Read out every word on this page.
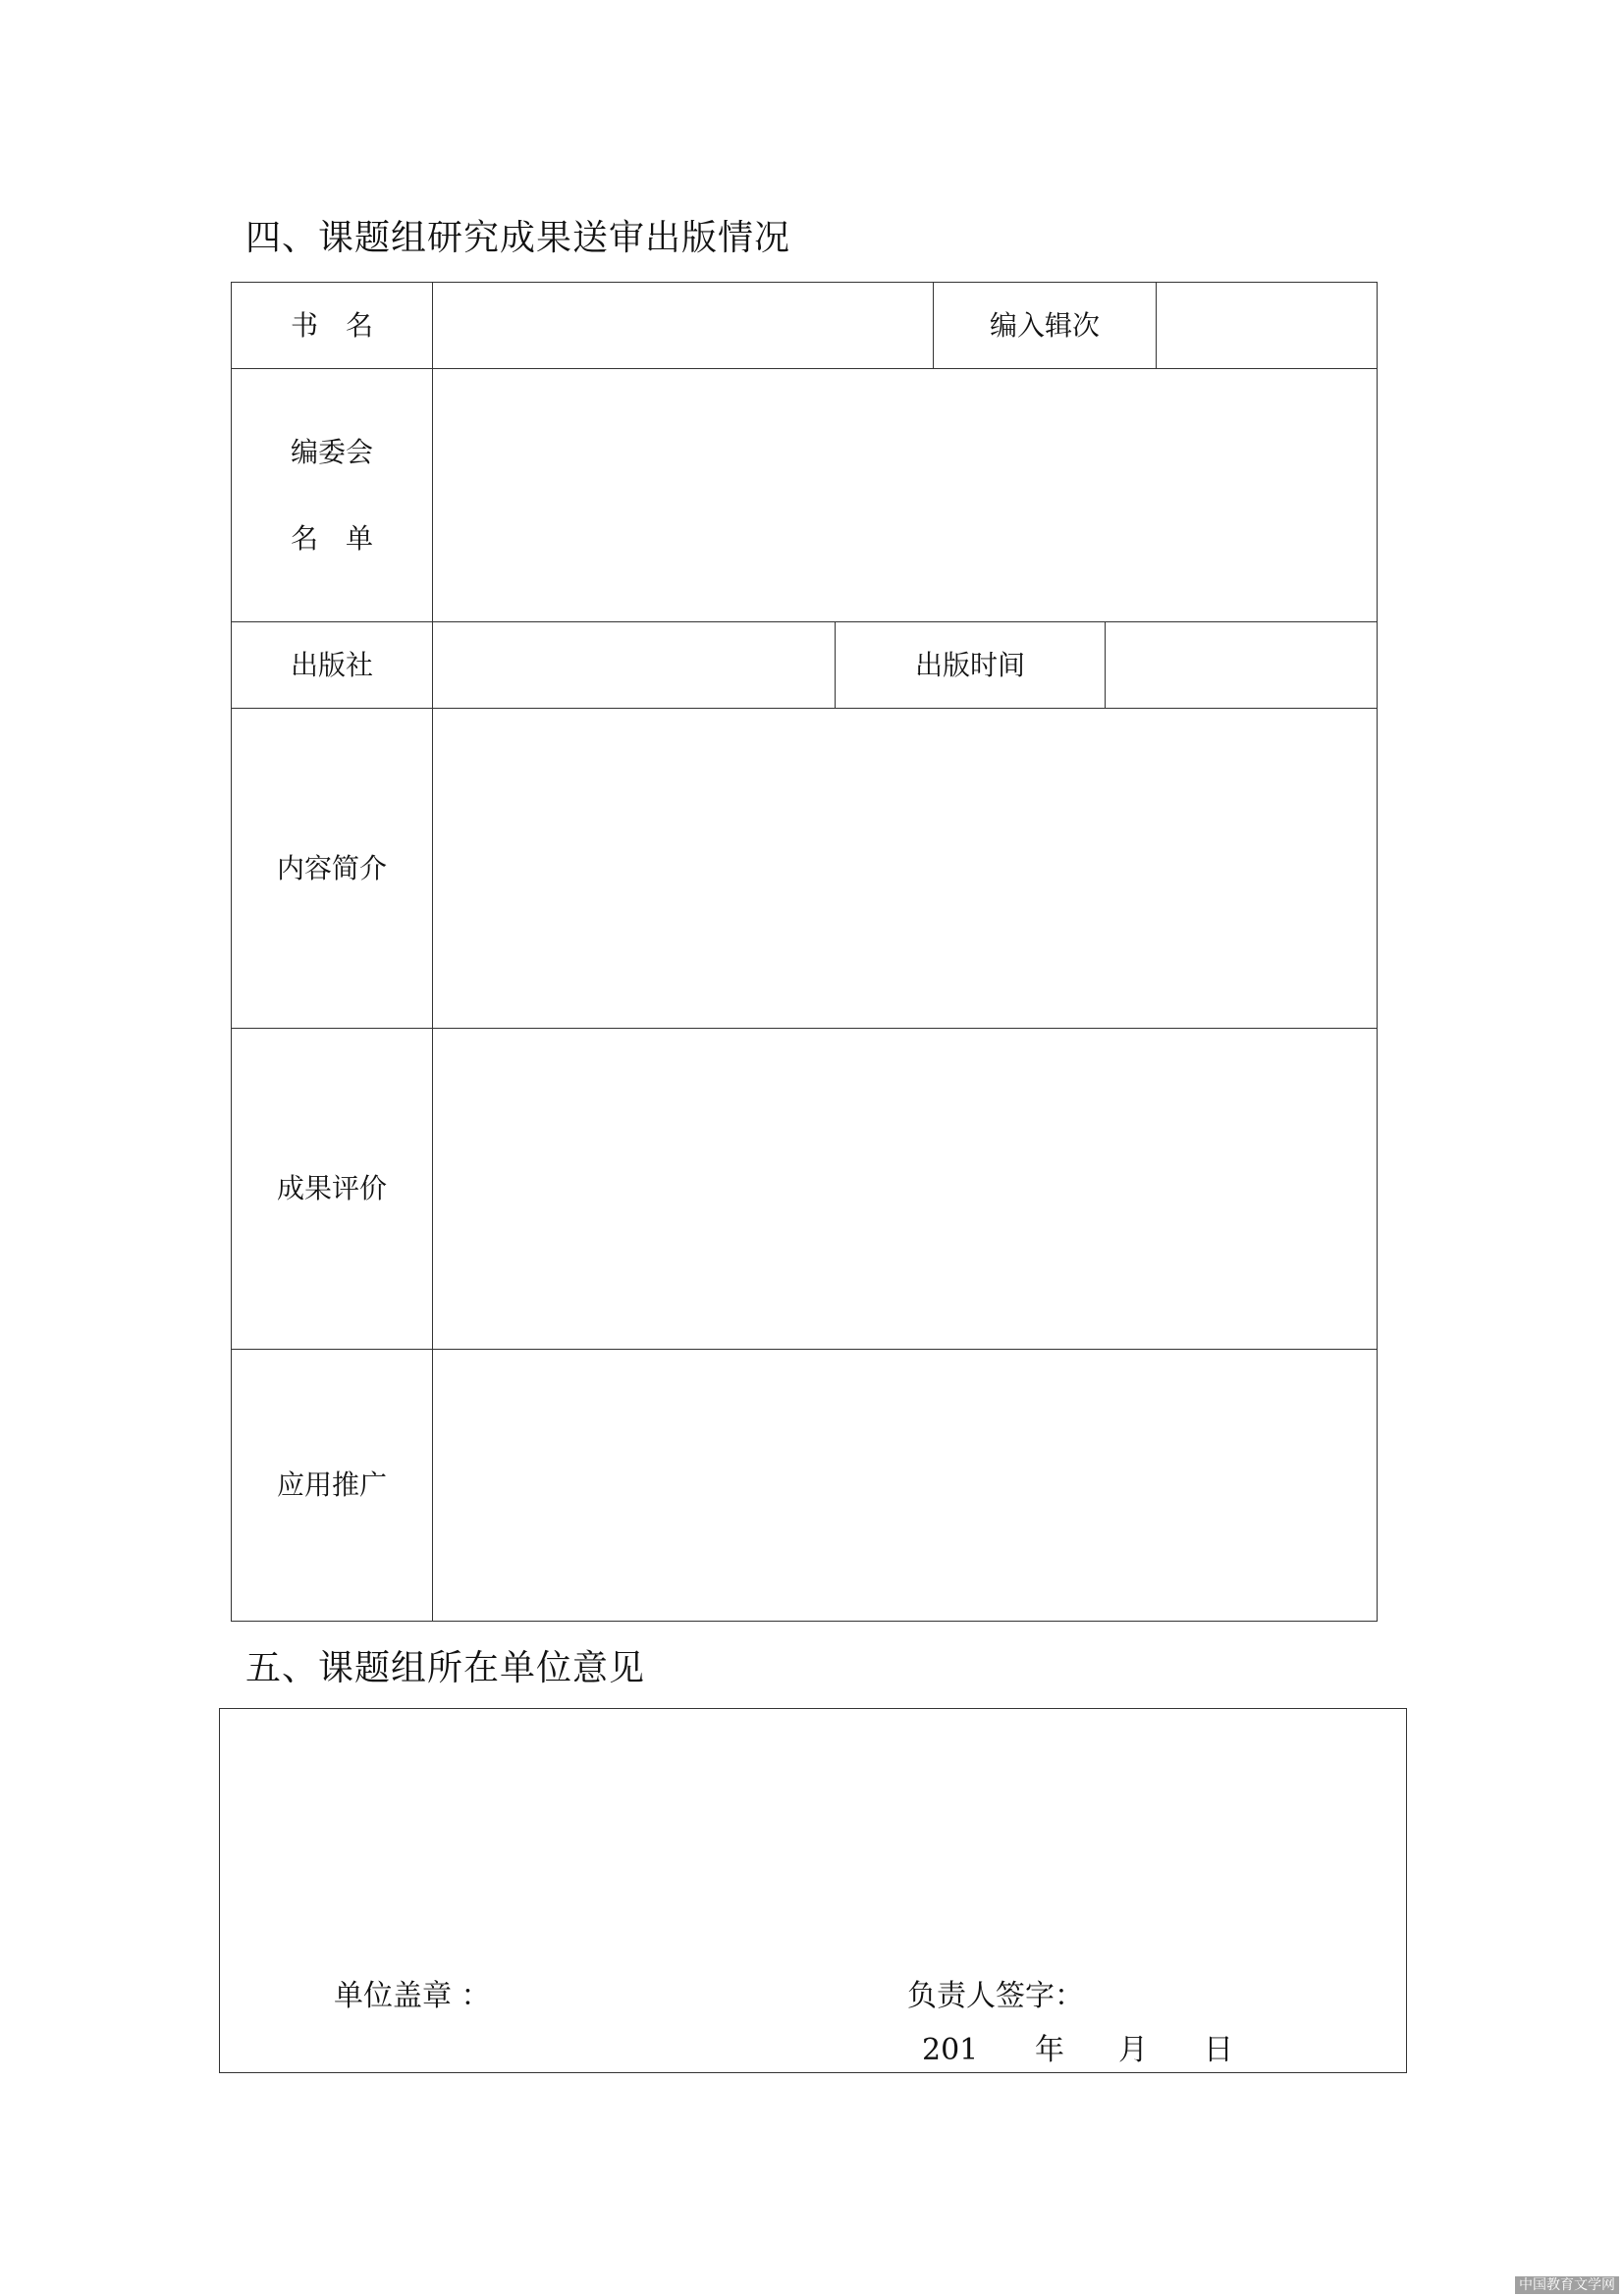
四、课题组研究成果送审出版情况
书　名			编入辑次		

编委会
名　单					

出版社		出版时间			

内容简介					

成果评价					

应用推广					

五、课题组所在单位意见
单位盖章 ：	负责人签字：
201 年 月 日
中国教育文学网
